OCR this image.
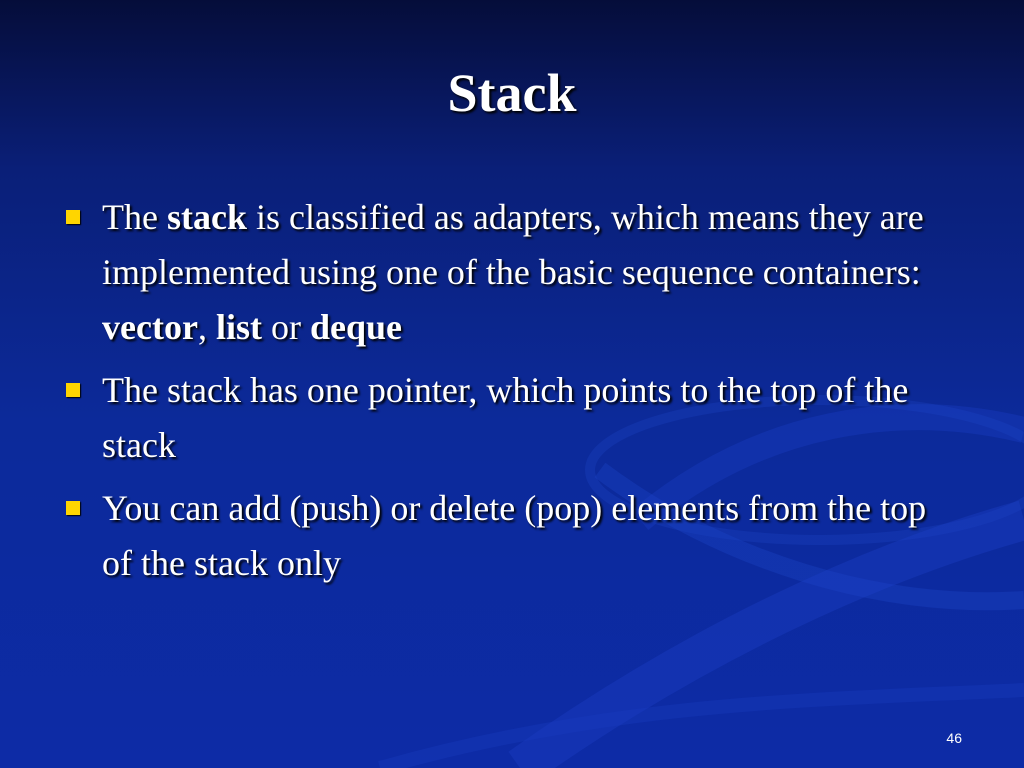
Stack
The stack is classified as adapters, which means they are implemented using one of the basic sequence containers: vector, list or deque
The stack has one pointer, which points to the top of the stack
You can add (push) or delete (pop) elements from the top of the stack only
46
